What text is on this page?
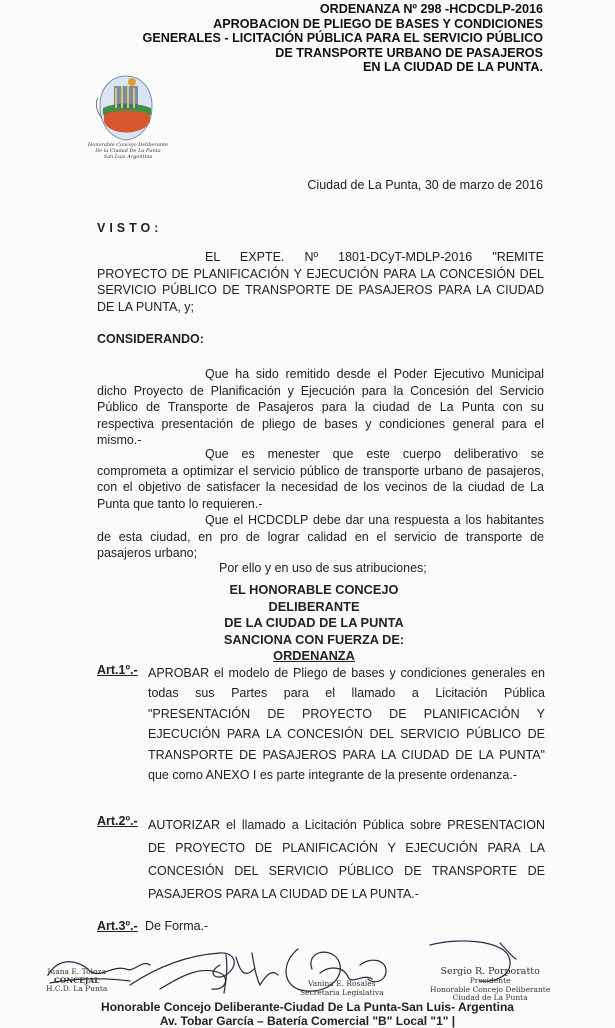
ORDENANZA Nº 298 -HCDCDLP-2016
APROBACION DE PLIEGO DE BASES Y CONDICIONES
GENERALES - LICITACIÓN PÚBLICA PARA EL SERVICIO PÚBLICO
DE TRANSPORTE URBANO DE PASAJEROS
EN LA CIUDAD DE LA PUNTA.
Honorable Concejo Deliberante
De la Ciudad De La Punta
San Luis Argentina
Ciudad de La Punta, 30 de marzo de 2016
VISTO:
EL EXPTE. Nº 1801-DCyT-MDLP-2016 "REMITE PROYECTO DE PLANIFICACIÓN Y EJECUCIÓN PARA LA CONCESIÓN DEL SERVICIO PÚBLICO DE TRANSPORTE DE PASAJEROS PARA LA CIUDAD DE LA PUNTA, y;
CONSIDERANDO:
Que ha sido remitido desde el Poder Ejecutivo Municipal dicho Proyecto de Planificación y Ejecución para la Concesión del Servicio Público de Transporte de Pasajeros para la ciudad de La Punta con su respectiva presentación de pliego de bases y condiciones general para el mismo.-
Que es menester que este cuerpo deliberativo se comprometa a optimizar el servicio público de transporte urbano de pasajeros, con el objetivo de satisfacer la necesidad de los vecinos de la ciudad de La Punta que tanto lo requieren.-
Que el HCDCDLP debe dar una respuesta a los habitantes de esta ciudad, en pro de lograr calidad en el servicio de transporte de pasajeros urbano;
Por ello y en uso de sus atribuciones;
EL HONORABLE CONCEJO DELIBERANTE
DE LA CIUDAD DE LA PUNTA
SANCIONA CON FUERZA DE:
ORDENANZA
Art.1º.- APROBAR el modelo de Pliego de bases y condiciones generales en todas sus Partes para el llamado a Licitación Pública "PRESENTACIÓN DE PROYECTO DE PLANIFICACIÓN Y EJECUCIÓN PARA LA CONCESIÓN DEL SERVICIO PÚBLICO DE TRANSPORTE DE PASAJEROS PARA LA CIUDAD DE LA PUNTA" que como ANEXO I es parte integrante de la presente ordenanza.-
Art.2º.- AUTORIZAR el llamado a Licitación Pública sobre PRESENTACION DE PROYECTO DE PLANIFICACIÓN Y EJECUCIÓN PARA LA CONCESIÓN DEL SERVICIO PÚBLICO DE TRANSPORTE DE PASAJEROS PARA LA CIUDAD DE LA PUNTA.-
Art.3º.- De Forma.-
Juana E. Toloza
CONCEJAL
H.C.D. La Punta
Vanina E. Rosales
Secretaria Legislativa
Sergio R. Porporatto
Presidente
Honorable Concejo Deliberante
Ciudad de La Punta
Honorable Concejo Deliberante-Ciudad De La Punta-San Luis- Argentina
Av. Tobar García – Batería Comercial "B" Local "1" |
